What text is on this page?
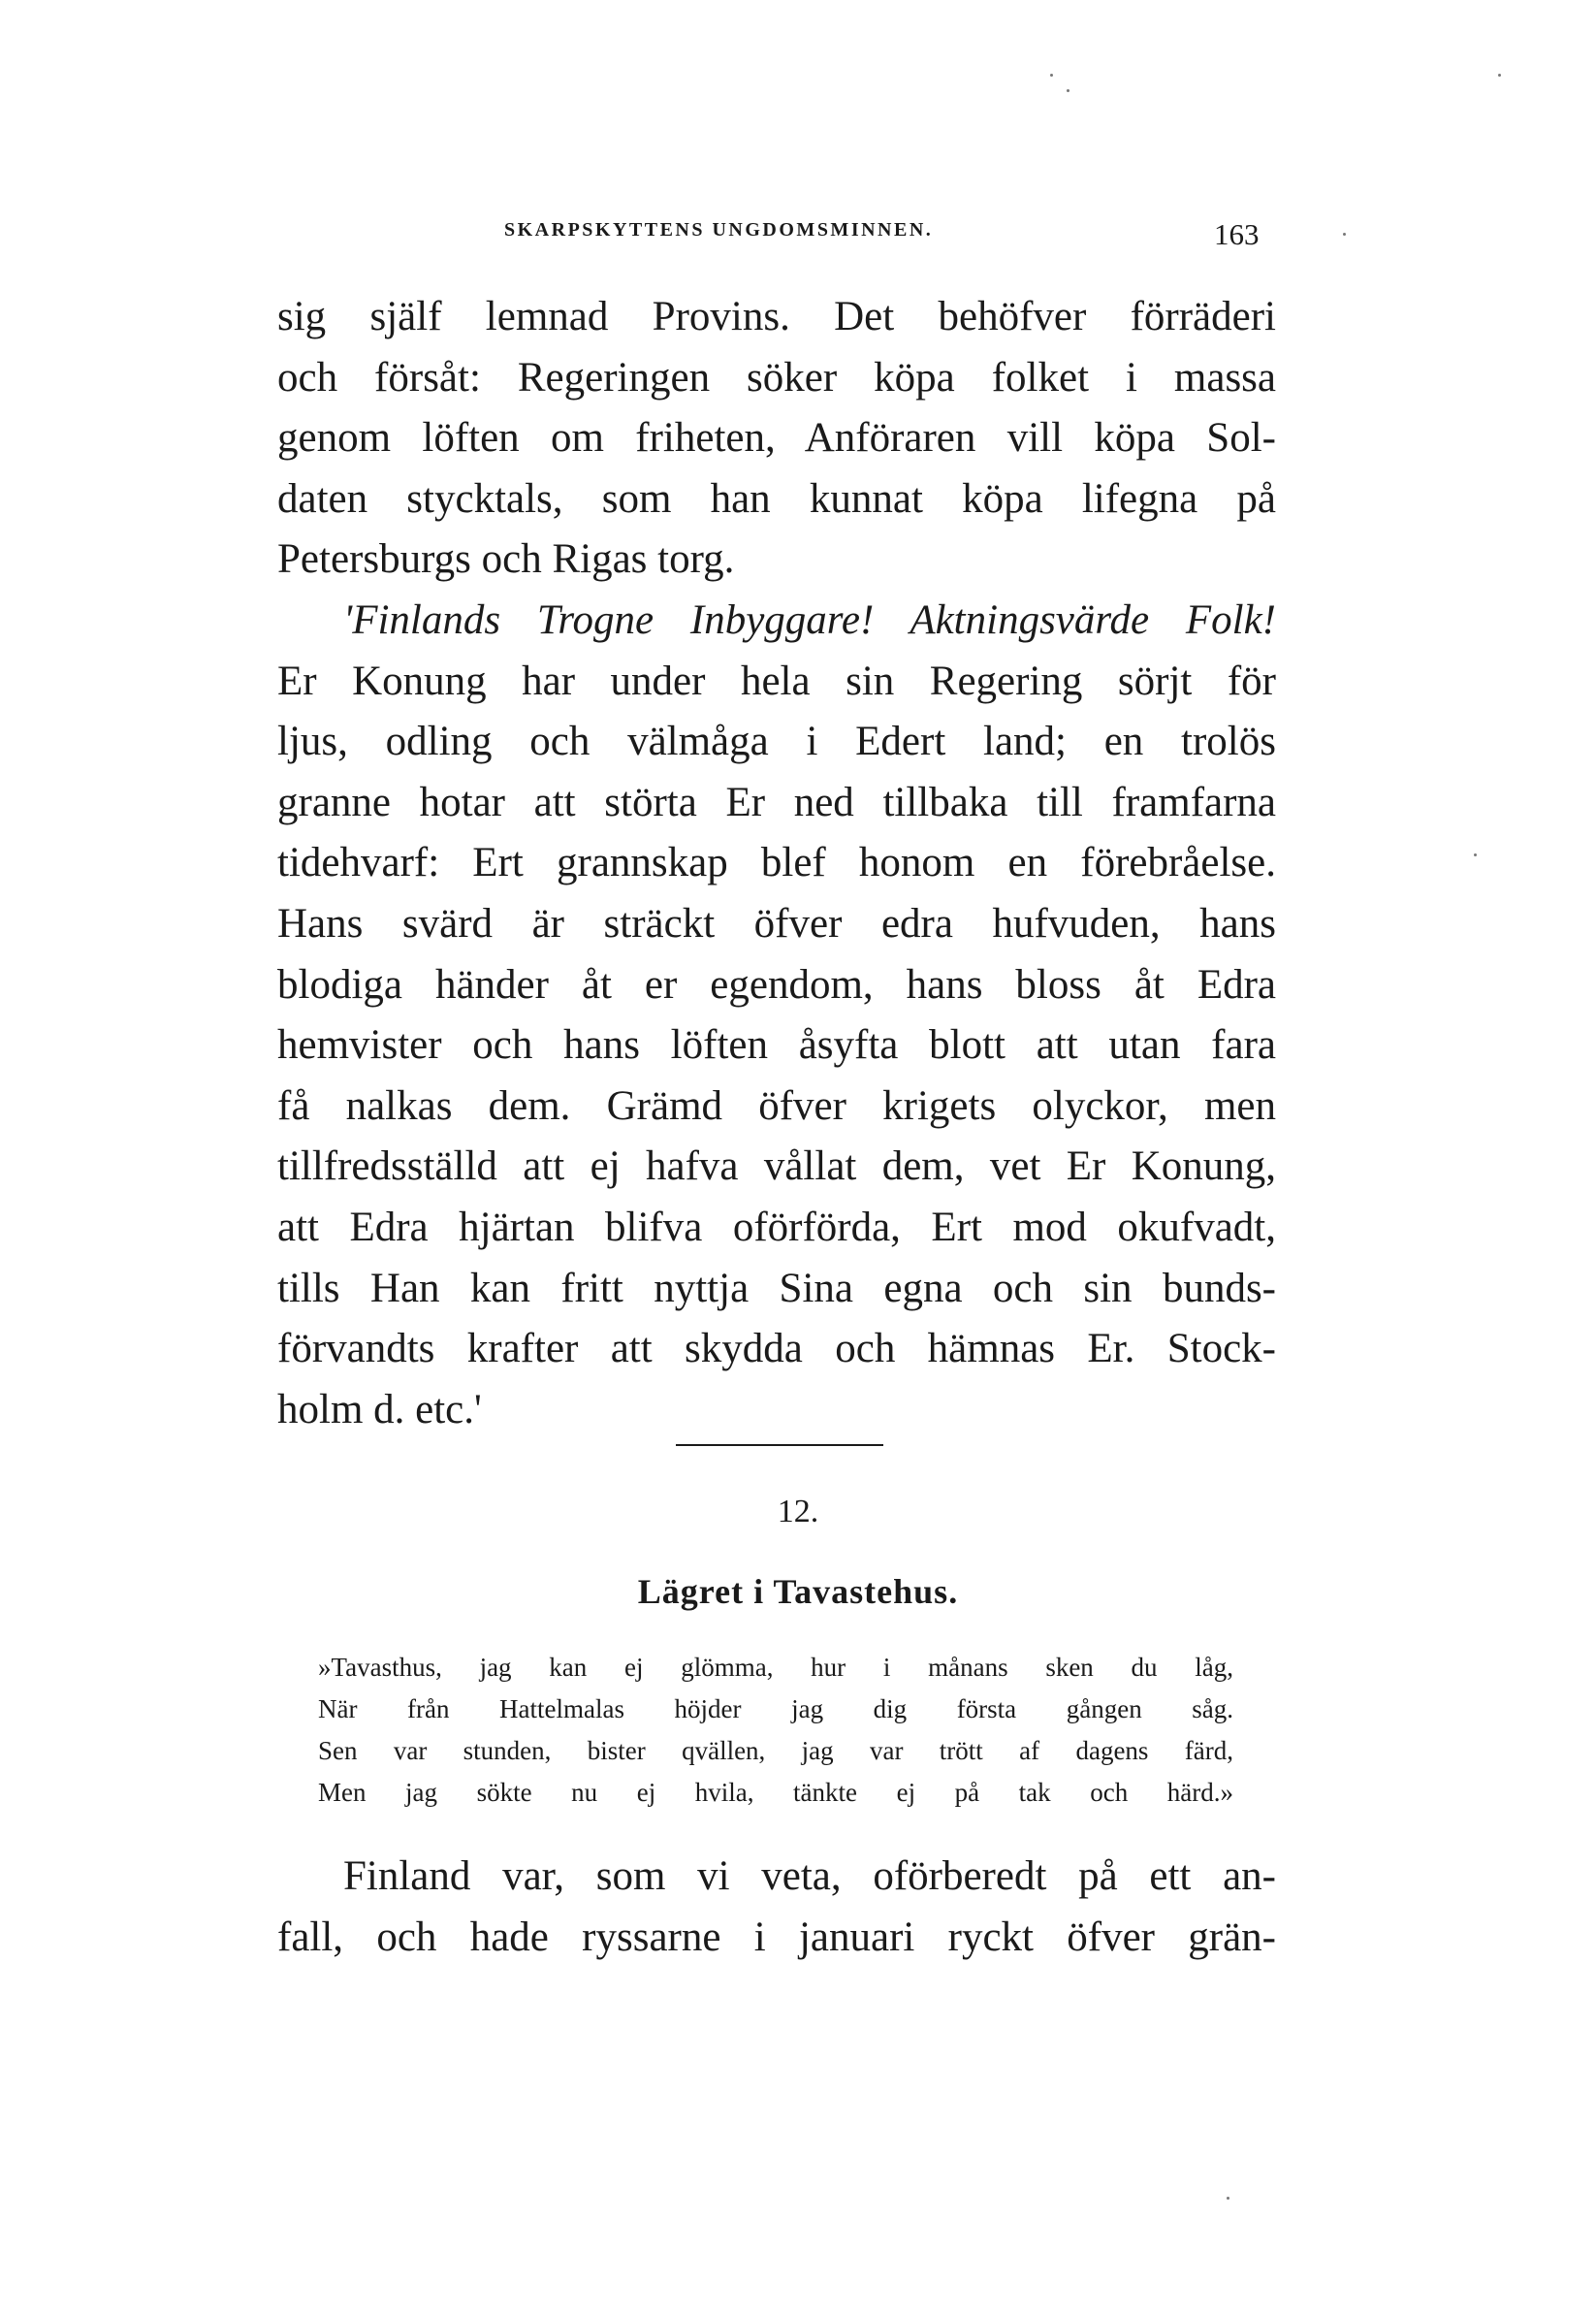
SKARPSKYTTENS UNGDOMSMINNEN.	163
sig själf lemnad Provins. Det behöfver förräderi
och försåt: Regeringen söker köpa folket i massa
genom löften om friheten, Anföraren vill köpa Sol-
daten stycktals, som han kunnat köpa lifegna på
Petersburgs och Rigas torg.
'Finlands Trogne Inbyggare! Aktningsvärde Folk!
Er Konung har under hela sin Regering sörjt för
ljus, odling och välmåga i Edert land; en trolös
granne hotar att störta Er ned tillbaka till framfarna
tidehvarf: Ert grannskap blef honom en förebråelse.
Hans svärd är sträckt öfver edra hufvuden, hans
blodiga händer åt er egendom, hans bloss åt Edra
hemvister och hans löften åsyfta blott att utan fara
få nalkas dem. Grämd öfver krigets olyckor, men
tillfredsställd att ej hafva vållat dem, vet Er Konung,
att Edra hjärtan blifva oförförda, Ert mod okufvadt,
tills Han kan fritt nyttja Sina egna och sin bunds-
förvandts krafter att skydda och hämnas Er. Stock-
holm d. etc.'
12.
Lägret i Tavastehus.
»Tavasthus, jag kan ej glömma, hur i månans sken du låg,
När från Hattelmalas höjder jag dig första gången såg.
Sen var stunden, bister qvällen, jag var trött af dagens färd,
Men jag sökte nu ej hvila, tänkte ej på tak och härd.»
Finland var, som vi veta, oförberedt på ett an-
fall, och hade ryssarne i januari ryckt öfver grän-
